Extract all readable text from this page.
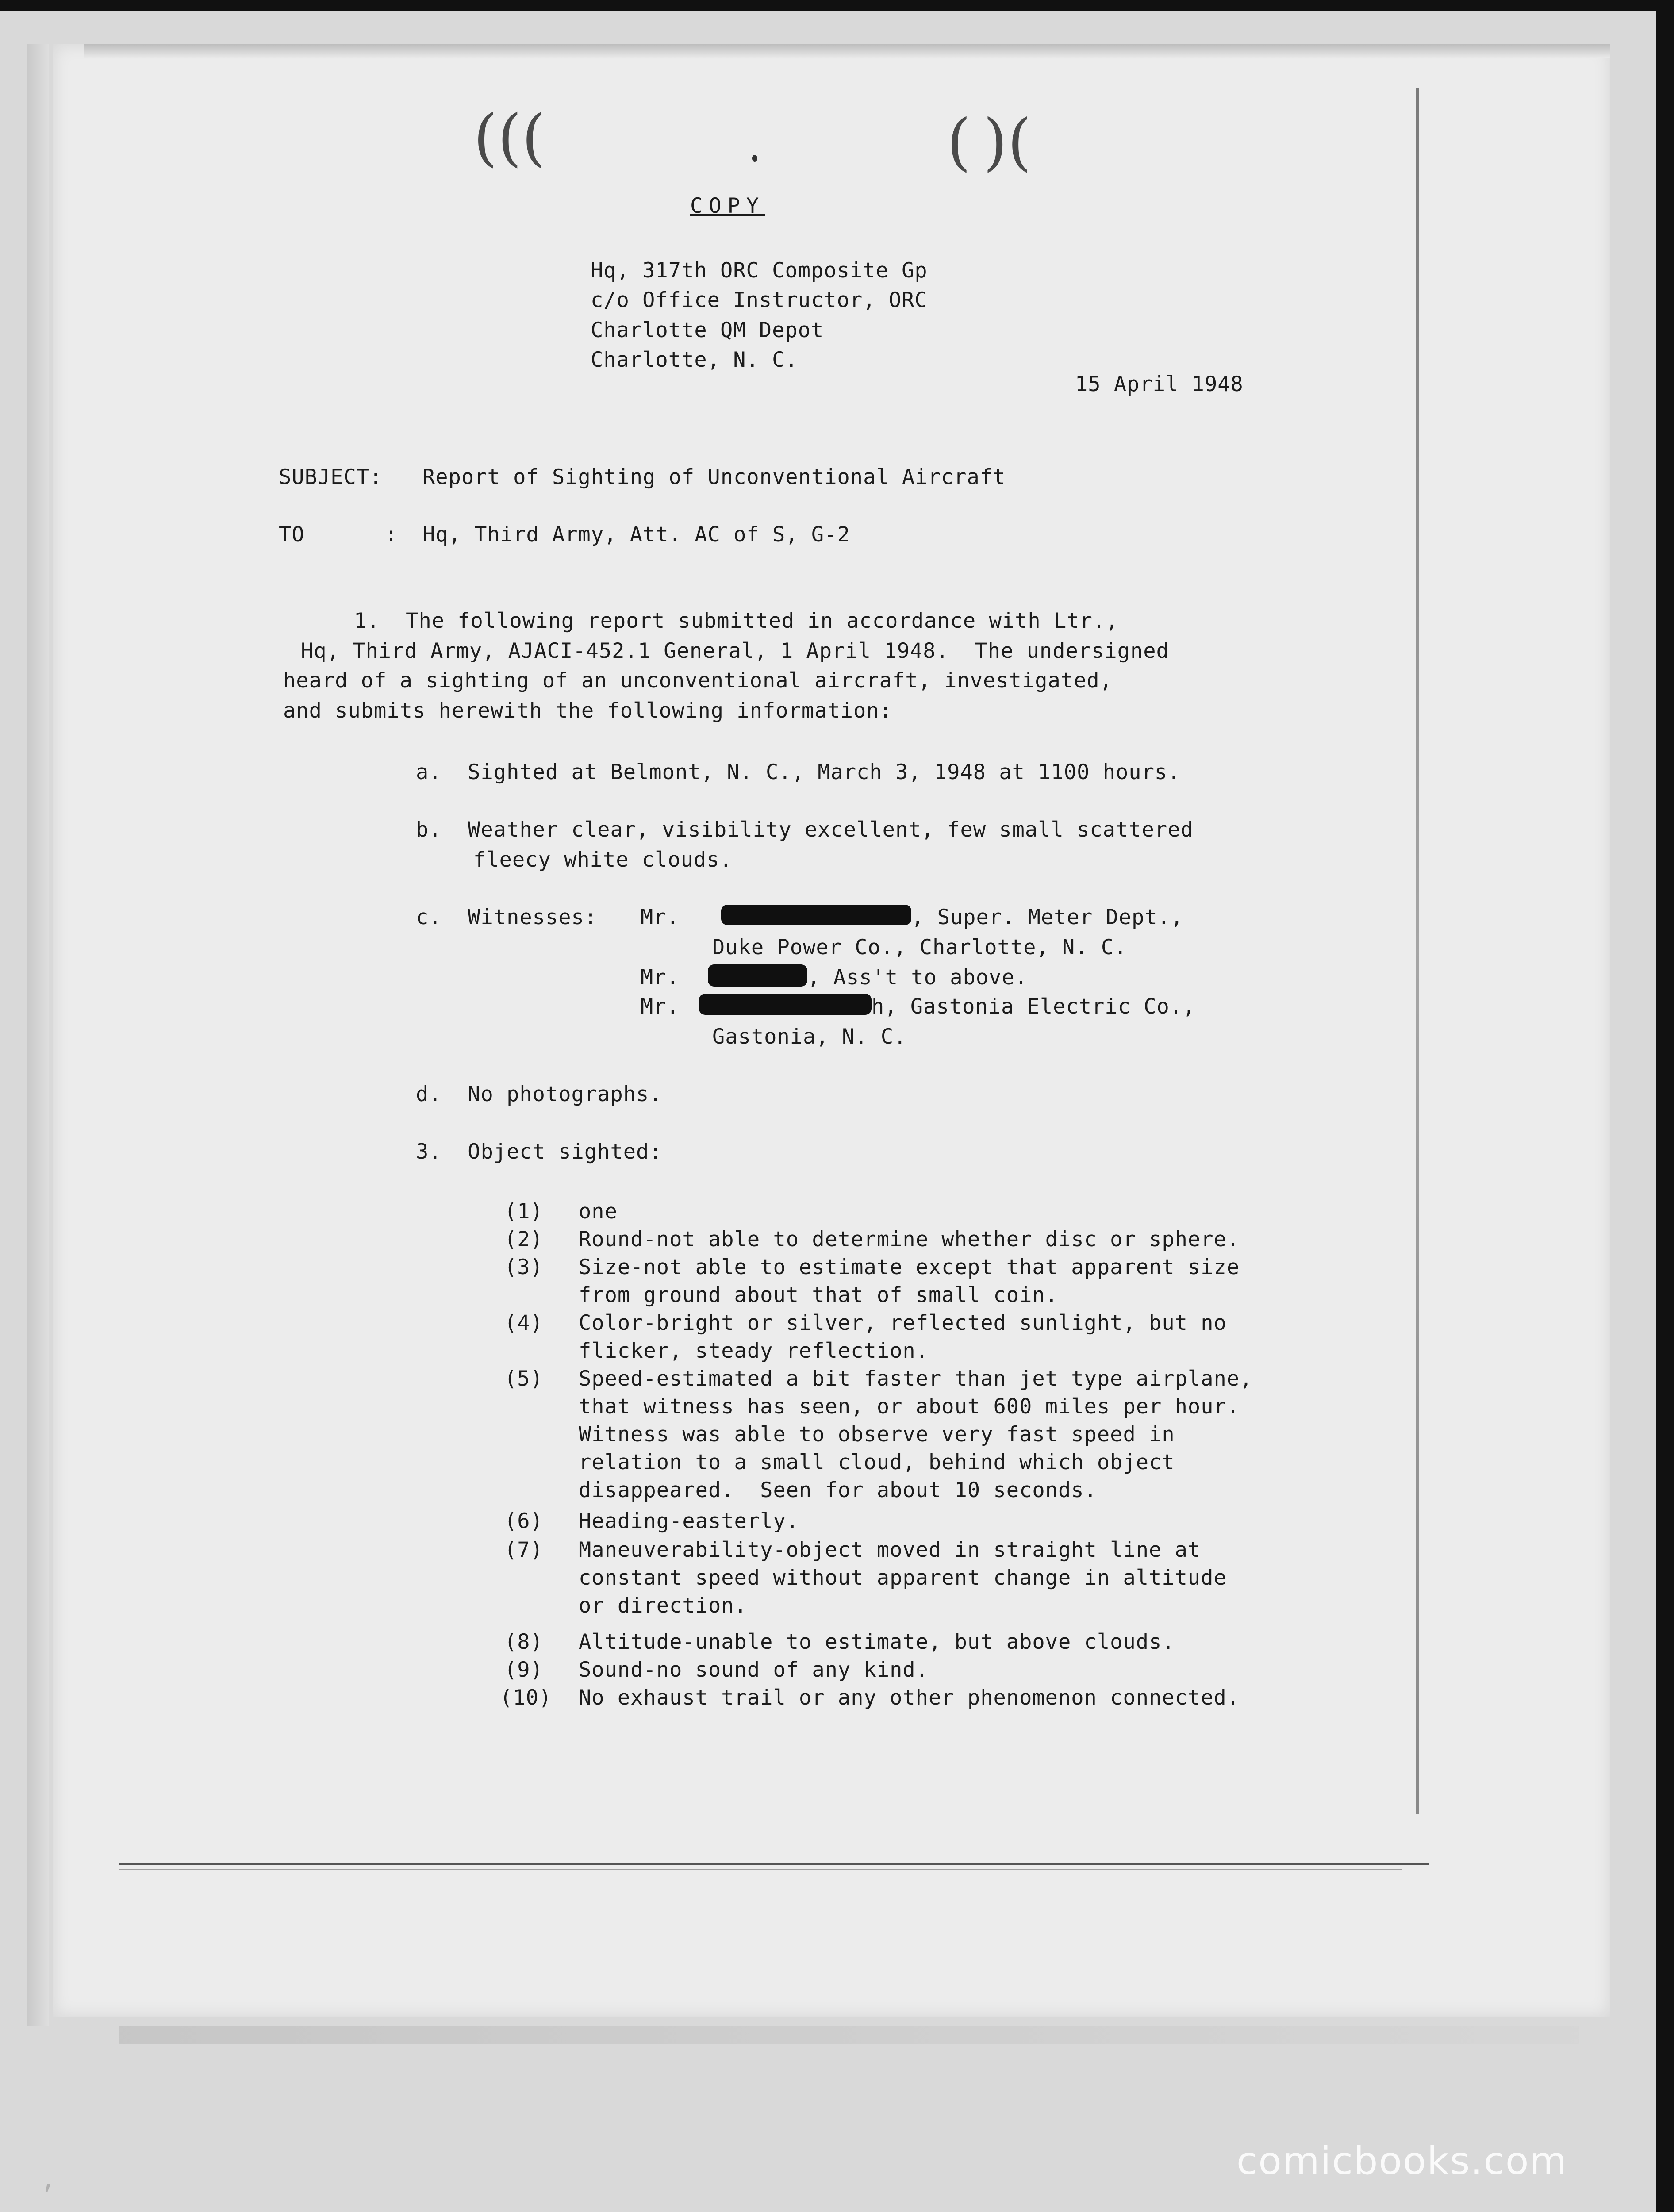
(((	( )(
COPY
Hq, 317th ORC Composite Gp
c/o Office Instructor, ORC
Charlotte QM Depot
Charlotte, N. C.
15 April 1948
SUBJECT: Report of Sighting of Unconventional Aircraft
TO	: Hq, Third Army, Att. AC of S, G-2
1.  The following report submitted in accordance with Ltr.,
Hq, Third Army, AJACI-452.1 General, 1 April 1948.  The undersigned
heard of a sighting of an unconventional aircraft, investigated,
and submits herewith the following information:
a.  Sighted at Belmont, N. C., March 3, 1948 at 1100 hours.
b.  Weather clear, visibility excellent, few small scattered
fleecy white clouds.
c.  Witnesses: Mr.	, Super. Meter Dept.,
Duke Power Co., Charlotte, N. C.
Mr.	, Ass't to above.
Mr.	h, Gastonia Electric Co.,
Gastonia, N. C.
d.  No photographs.
3.  Object sighted:
(1) one
(2) Round-not able to determine whether disc or sphere.
(3) Size-not able to estimate except that apparent size
from ground about that of small coin.
(4) Color-bright or silver, reflected sunlight, but no
flicker, steady reflection.
(5) Speed-estimated a bit faster than jet type airplane,
that witness has seen, or about 600 miles per hour.
Witness was able to observe very fast speed in
relation to a small cloud, behind which object
disappeared.  Seen for about 10 seconds.
(6) Heading-easterly.
(7) Maneuverability-object moved in straight line at
constant speed without apparent change in altitude
or direction.
(8) Altitude-unable to estimate, but above clouds.
(9) Sound-no sound of any kind.
(10) No exhaust trail or any other phenomenon connected.
⸴	comicbooks.com
